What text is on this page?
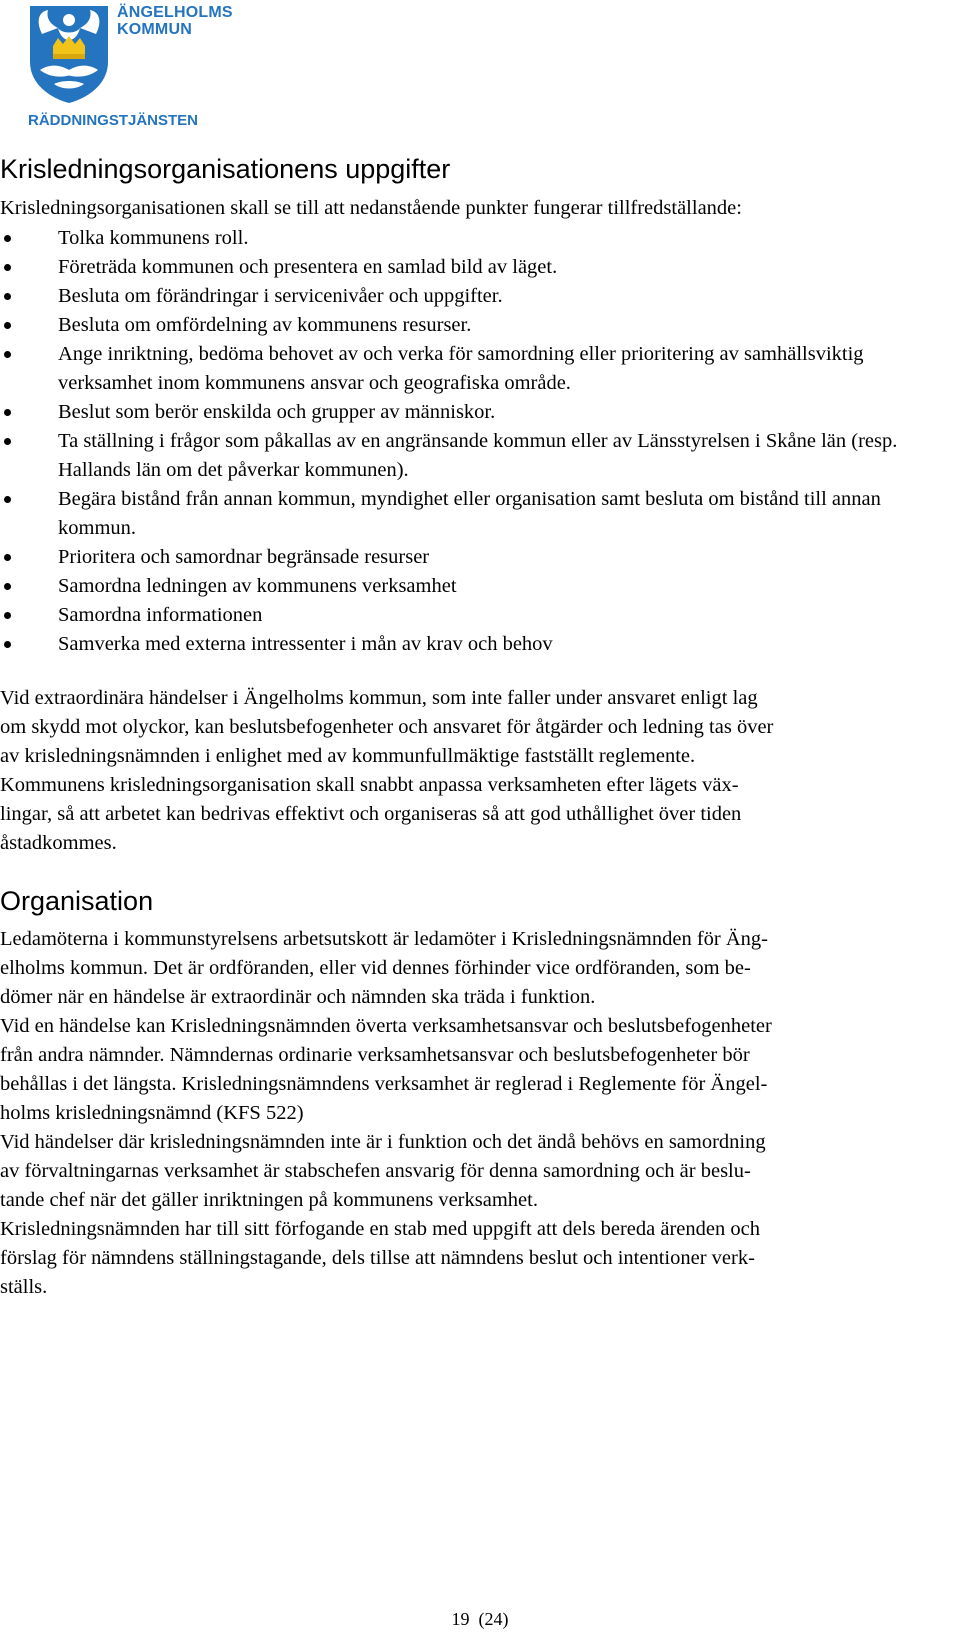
ÄNGELHOLMS
KOMMUN
RÄDDNINGSTJÄNSTEN
Krisledningsorganisationens uppgifter

Krisledningsorganisationen skall se till att nedanstående punkter fungerar tillfredställande:

Tolka kommunens roll.
Företräda kommunen och presentera en samlad bild av läget.
Besluta om förändringar i servicenivåer och uppgifter.
Besluta om omfördelning av kommunens resurser.
Ange inriktning, bedöma behovet av och verka för samordning eller prioritering av samhällsviktig verksamhet inom kommunens ansvar och geografiska område.
Beslut som berör enskilda och grupper av människor.
Ta ställning i frågor som påkallas av en angränsande kommun eller av Länsstyrelsen i Skåne län (resp. Hallands län om det påverkar kommunen).
Begära bistånd från annan kommun, myndighet eller organisation samt besluta om bistånd till annan kommun.
Prioritera och samordnar begränsade resurser
Samordna ledningen av kommunens verksamhet
Samordna informationen
Samverka med externa intressenter i mån av krav och behov

Vid extraordinära händelser i Ängelholms kommun, som inte faller under ansvaret enligt lag

om skydd mot olyckor, kan beslutsbefogenheter och ansvaret för åtgärder och ledning tas över

av krisledningsnämnden i enlighet med av kommunfullmäktige fastställt reglemente.

Kommunens krisledningsorganisation skall snabbt anpassa verksamheten efter lägets väx-

lingar, så att arbetet kan bedrivas effektivt och organiseras så att god uthållighet över tiden

åstadkommes.

Organisation

Ledamöterna i kommunstyrelsens arbetsutskott är ledamöter i Krisledningsnämnden för Äng-

elholms kommun. Det är ordföranden, eller vid dennes förhinder vice ordföranden, som be-

dömer när en händelse är extraordinär och nämnden ska träda i funktion.

Vid en händelse kan Krisledningsnämnden överta verksamhetsansvar och beslutsbefogenheter

från andra nämnder. Nämndernas ordinarie verksamhetsansvar och beslutsbefogenheter bör

behållas i det längsta. Krisledningsnämndens verksamhet är reglerad i Reglemente för Ängel-

holms krisledningsnämnd (KFS 522)

Vid händelser där krisledningsnämnden inte är i funktion och det ändå behövs en samordning

av förvaltningarnas verksamhet är stabschefen ansvarig för denna samordning och är beslu-

tande chef när det gäller inriktningen på kommunens verksamhet.

Krisledningsnämnden har till sitt förfogande en stab med uppgift att dels bereda ärenden och

förslag för nämndens ställningstagande, dels tillse att nämndens beslut och intentioner verk-

ställs.

19 (24)
